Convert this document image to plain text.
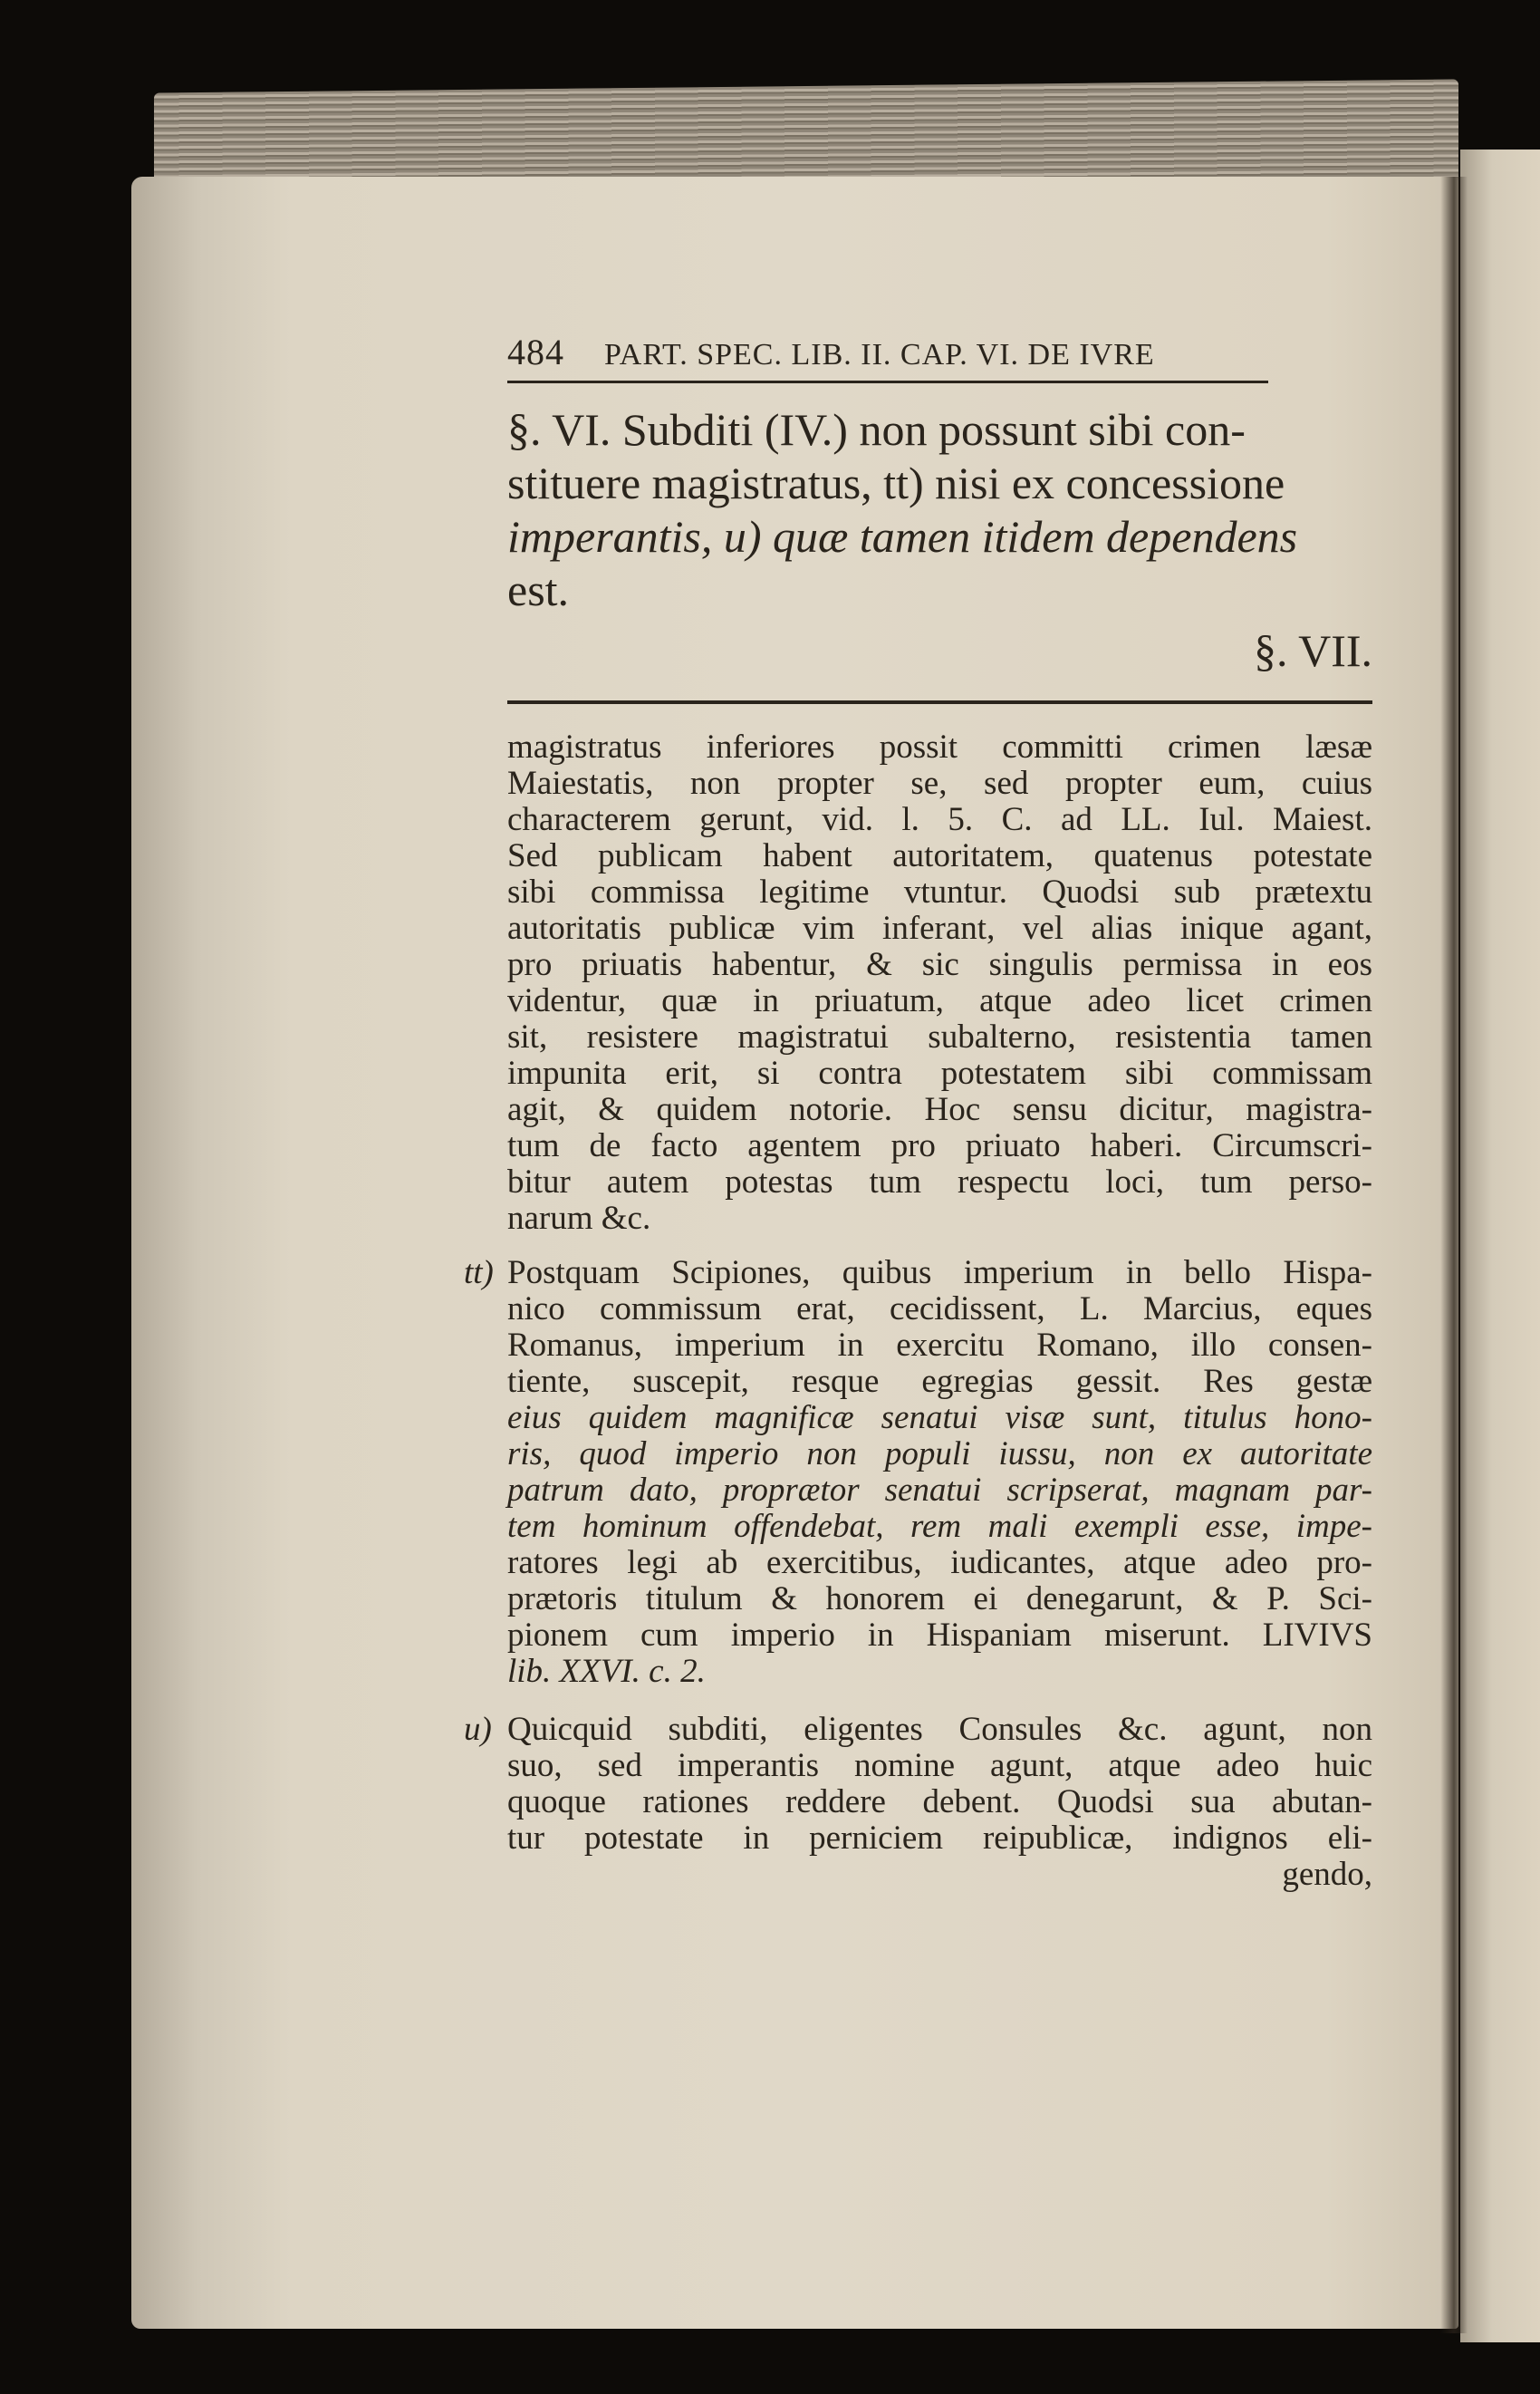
484 PART. SPEC. LIB. II. CAP. VI. DE IVRE
§. VI. Subditi (IV.) non possunt sibi con-
stituere magistratus, tt) nisi ex concessione
imperantis, u) quæ tamen itidem dependens
est.
§. VII.
magistratus inferiores possit committi crimen læsæ
Maiestatis, non propter se, sed propter eum, cuius
characterem gerunt, vid. l. 5. C. ad LL. Iul. Maiest.
Sed publicam habent autoritatem, quatenus potestate
sibi commissa legitime vtuntur. Quodsi sub prætextu
autoritatis publicæ vim inferant, vel alias inique agant,
pro priuatis habentur, & sic singulis permissa in eos
videntur, quæ in priuatum, atque adeo licet crimen
sit, resistere magistratui subalterno, resistentia tamen
impunita erit, si contra potestatem sibi commissam
agit, & quidem notorie. Hoc sensu dicitur, magistra-
tum de facto agentem pro priuato haberi. Circumscri-
bitur autem potestas tum respectu loci, tum perso-
narum &c.
tt) Postquam Scipiones, quibus imperium in bello Hispa-
nico commissum erat, cecidissent, L. Marcius, eques
Romanus, imperium in exercitu Romano, illo consen-
tiente, suscepit, resque egregias gessit. Res gestæ
eius quidem magnificæ senatui visæ sunt, titulus hono-
ris, quod imperio non populi iussu, non ex autoritate
patrum dato, proprætor senatui scripserat, magnam par-
tem hominum offendebat, rem mali exempli esse, impe-
ratores legi ab exercitibus, iudicantes, atque adeo pro-
prætoris titulum & honorem ei denegarunt, & P. Sci-
pionem cum imperio in Hispaniam miserunt. LIVIVS
lib. XXVI. c. 2.
u) Quicquid subditi, eligentes Consules &c. agunt, non
suo, sed imperantis nomine agunt, atque adeo huic
quoque rationes reddere debent. Quodsi sua abutan-
tur potestate in perniciem reipublicæ, indignos eli-
gendo,
